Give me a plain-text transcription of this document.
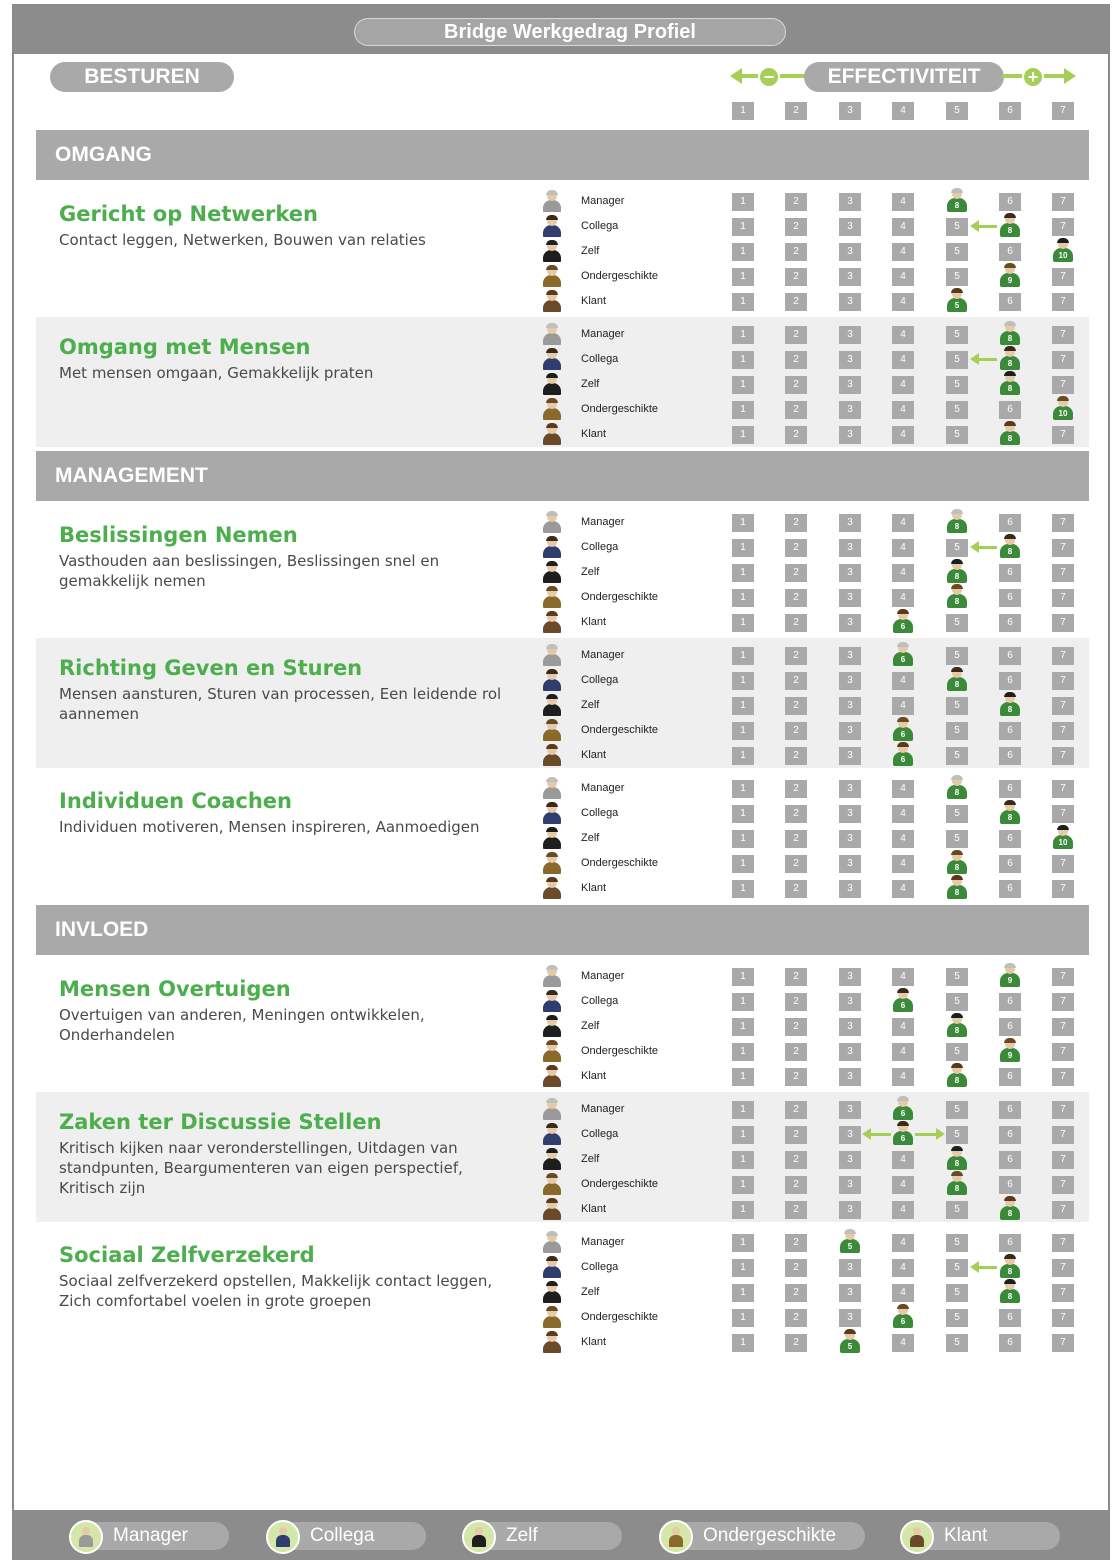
Bridge Werkgedrag Profiel
BESTUREN	−	EFFECTIVITEIT	+
1	2	3	4	5	6	7
OMGANG
Gericht op Netwerken
Contact leggen, Netwerken, Bouwen van relaties
Manager	1	2	3	4	8	6	7
Collega	1	2	3	4	5	8	7
Zelf	1	2	3	4	5	6	10
Ondergeschikte	1	2	3	4	5	9	7
Klant	1	2	3	4	5	6	7
Omgang met Mensen
Met mensen omgaan, Gemakkelijk praten
Manager	1	2	3	4	5	8	7
Collega	1	2	3	4	5	8	7
Zelf	1	2	3	4	5	8	7
Ondergeschikte	1	2	3	4	5	6	10
Klant	1	2	3	4	5	8	7
MANAGEMENT
Beslissingen Nemen
Vasthouden aan beslissingen, Beslissingen snel en gemakkelijk nemen
Manager	1	2	3	4	8	6	7
Collega	1	2	3	4	5	8	7
Zelf	1	2	3	4	8	6	7
Ondergeschikte	1	2	3	4	8	6	7
Klant	1	2	3	6	5	6	7
Richting Geven en Sturen
Mensen aansturen, Sturen van processen, Een leidende rol aannemen
Manager	1	2	3	6	5	6	7
Collega	1	2	3	4	8	6	7
Zelf	1	2	3	4	5	8	7
Ondergeschikte	1	2	3	6	5	6	7
Klant	1	2	3	6	5	6	7
Individuen Coachen
Individuen motiveren, Mensen inspireren, Aanmoedigen
Manager	1	2	3	4	8	6	7
Collega	1	2	3	4	5	8	7
Zelf	1	2	3	4	5	6	10
Ondergeschikte	1	2	3	4	8	6	7
Klant	1	2	3	4	8	6	7
INVLOED
Mensen Overtuigen
Overtuigen van anderen, Meningen ontwikkelen, Onderhandelen
Manager	1	2	3	4	5	9	7
Collega	1	2	3	6	5	6	7
Zelf	1	2	3	4	8	6	7
Ondergeschikte	1	2	3	4	5	9	7
Klant	1	2	3	4	8	6	7
Zaken ter Discussie Stellen
Kritisch kijken naar veronderstellingen, Uitdagen van standpunten, Beargumenteren van eigen perspectief, Kritisch zijn
Manager	1	2	3	6	5	6	7
Collega	1	2	3	6	5	6	7
Zelf	1	2	3	4	8	6	7
Ondergeschikte	1	2	3	4	8	6	7
Klant	1	2	3	4	5	8	7
Sociaal Zelfverzekerd
Sociaal zelfverzekerd opstellen, Makkelijk contact leggen, Zich comfortabel voelen in grote groepen
Manager	1	2	5	4	5	6	7
Collega	1	2	3	4	5	8	7
Zelf	1	2	3	4	5	8	7
Ondergeschikte	1	2	3	6	5	6	7
Klant	1	2	5	4	5	6	7
Manager	Collega	Zelf	Ondergeschikte	Klant
